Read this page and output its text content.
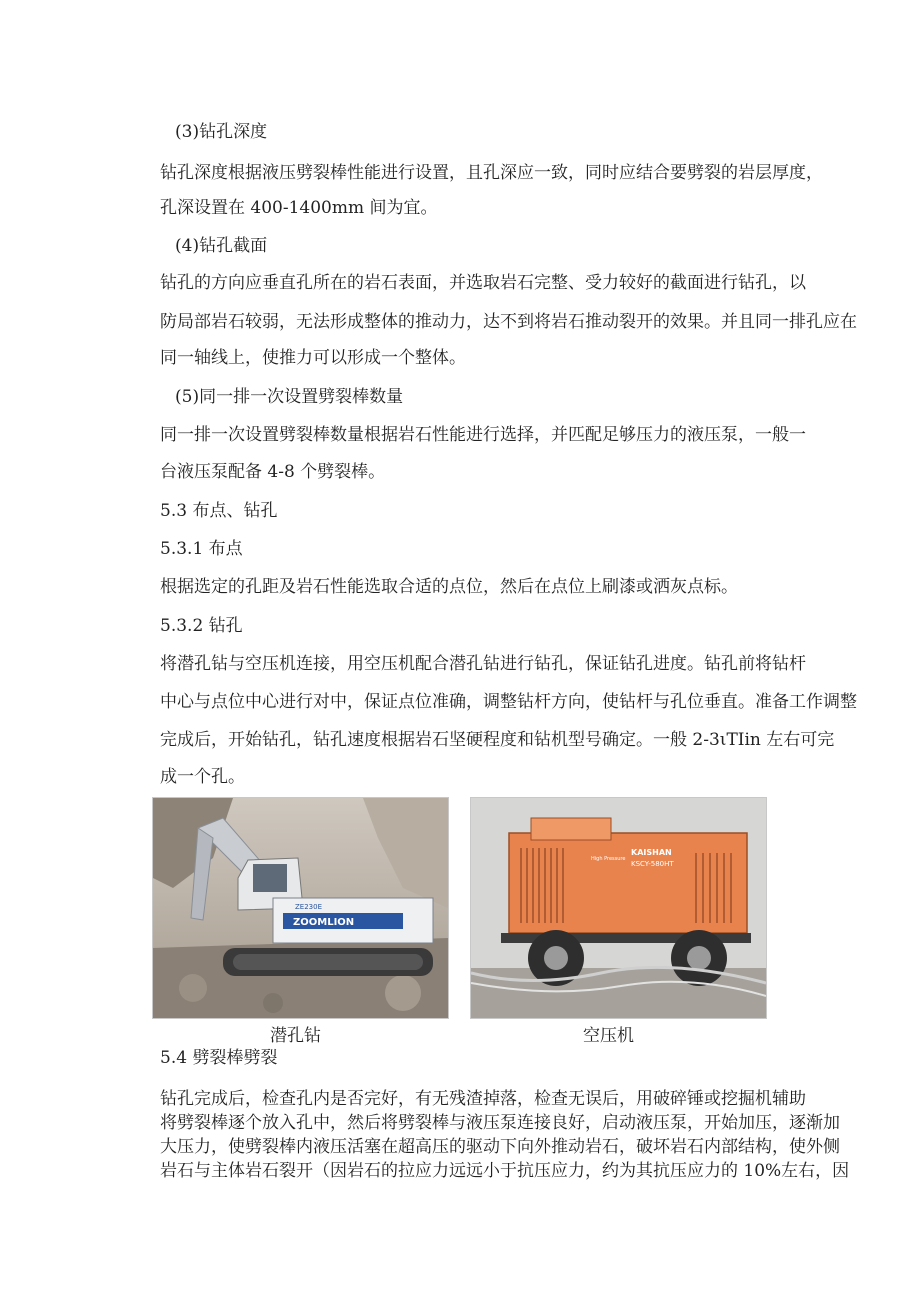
(3)钻孔深度
钻孔深度根据液压劈裂棒性能进行设置，且孔深应一致，同时应结合要劈裂的岩层厚度，
孔深设置在 400-1400mm 间为宜。
(4)钻孔截面
钻孔的方向应垂直孔所在的岩石表面，并选取岩石完整、受力较好的截面进行钻孔，以
防局部岩石较弱，无法形成整体的推动力，达不到将岩石推动裂开的效果。并且同一排孔应在
同一轴线上，使推力可以形成一个整体。
(5)同一排一次设置劈裂棒数量
同一排一次设置劈裂棒数量根据岩石性能进行选择，并匹配足够压力的液压泵，一般一
台液压泵配备 4-8 个劈裂棒。
5.3 布点、钻孔
5.3.1 布点
根据选定的孔距及岩石性能选取合适的点位，然后在点位上刷漆或洒灰点标。
5.3.2 钻孔
将潜孔钻与空压机连接，用空压机配合潜孔钻进行钻孔，保证钻孔进度。钻孔前将钻杆
中心与点位中心进行对中，保证点位准确，调整钻杆方向，使钻杆与孔位垂直。准备工作调整
完成后，开始钻孔，钻孔速度根据岩石坚硬程度和钻机型号确定。一般 2-3ιTIin 左右可完
成一个孔。
ZOOMLION
ZE230E
KAISHAN
KSCY-580HT
High Pressure
潜孔钻	空压机
5.4 劈裂棒劈裂
钻孔完成后，检查孔内是否完好，有无残渣掉落，检查无误后，用破碎锤或挖掘机辅助
将劈裂棒逐个放入孔中，然后将劈裂棒与液压泵连接良好，启动液压泵，开始加压，逐渐加
大压力，使劈裂棒内液压活塞在超高压的驱动下向外推动岩石，破坏岩石内部结构，使外侧
岩石与主体岩石裂开（因岩石的拉应力远远小于抗压应力，约为其抗压应力的 10%左右，因
